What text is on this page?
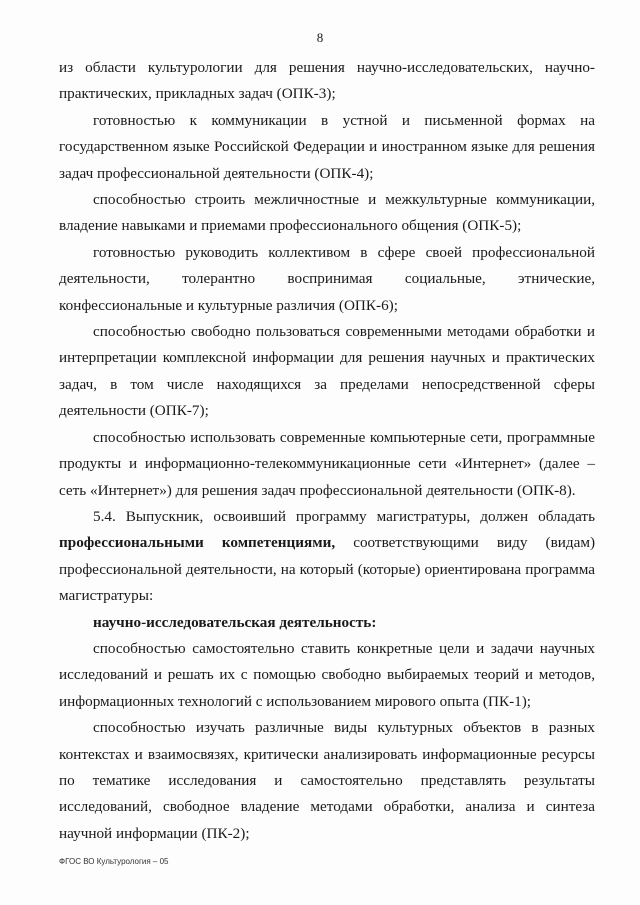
8

из области культурологии для решения научно-исследовательских, научно-практических, прикладных задач (ОПК-3);

готовностью к коммуникации в устной и письменной формах на государственном языке Российской Федерации и иностранном языке для решения задач профессиональной деятельности (ОПК-4);

способностью строить межличностные и межкультурные коммуникации, владение навыками и приемами профессионального общения (ОПК-5);

готовностью руководить коллективом в сфере своей профессиональной деятельности, толерантно воспринимая социальные, этнические, конфессиональные и культурные различия (ОПК-6);

способностью свободно пользоваться современными методами обработки и интерпретации комплексной информации для решения научных и практических задач, в том числе находящихся за пределами непосредственной сферы деятельности (ОПК-7);

способностью использовать современные компьютерные сети, программные продукты и информационно-телекоммуникационные сети «Интернет» (далее – сеть «Интернет») для решения задач профессиональной деятельности (ОПК-8).

5.4. Выпускник, освоивший программу магистратуры, должен обладать профессиональными компетенциями, соответствующими виду (видам) профессиональной деятельности, на который (которые) ориентирована программа магистратуры:

научно-исследовательская деятельность:

способностью самостоятельно ставить конкретные цели и задачи научных исследований и решать их с помощью свободно выбираемых теорий и методов, информационных технологий с использованием мирового опыта (ПК-1);

способностью изучать различные виды культурных объектов в разных контекстах и взаимосвязях, критически анализировать информационные ресурсы по тематике исследования и самостоятельно представлять результаты исследований, свободное владение методами обработки, анализа и синтеза научной информации (ПК-2);

ФГОС ВО Культурология – 05
